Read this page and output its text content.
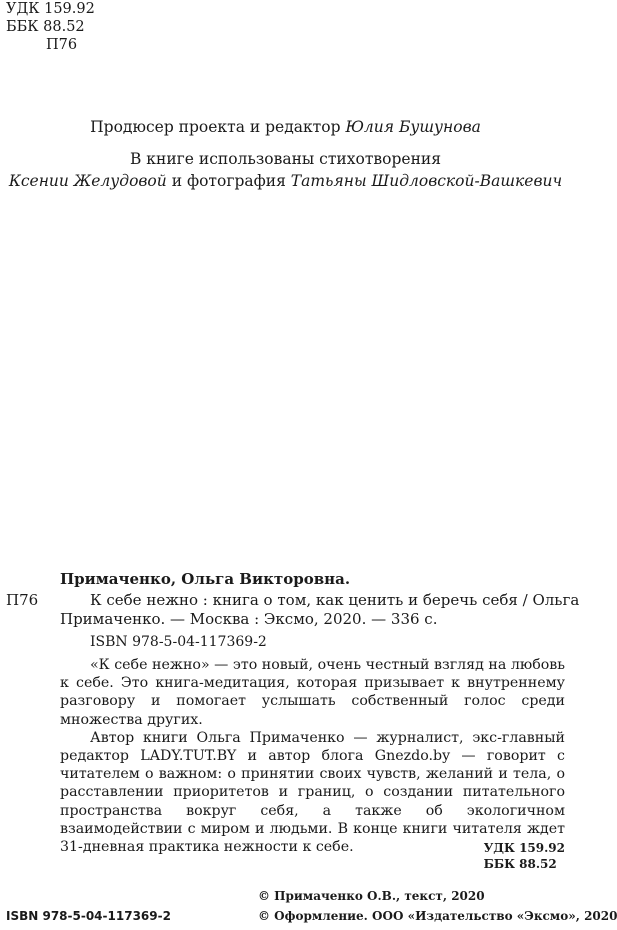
УДК 159.92
ББК 88.52
П76
Продюсер проекта и редактор Юлия Бушунова
В книге использованы стихотворения
Ксении Желудовой и фотография Татьяны Шидловской-Вашкевич
Примаченко, Ольга Викторовна.
П76	К себе нежно : книга о том, как ценить и беречь себя / Ольга
Примаченко. — Москва : Эксмо, 2020. — 336 с.
ISBN 978-5-04-117369-2

«К себе нежно» — это новый, очень честный взгляд на любовь к себе. Это книга-медитация, которая призывает к внутреннему разговору и помогает услышать собственный голос среди множества других.

Автор книги Ольга Примаченко — журналист, экс-главный редактор LADY.TUT.BY и автор блога Gnezdo.by — говорит с читателем о важном: о принятии своих чувств, желаний и тела, о расставлении приоритетов и границ, о создании питательного пространства вокруг себя, а также об экологичном взаимодействии с миром и людьми. В конце книги читателя ждет 31-дневная практика нежности к себе.	УДК 159.92
ББК 88.52
© Примаченко О.В., текст, 2020
ISBN 978-5-04-117369-2	© Оформление. ООО «Издательство «Эксмо», 2020
